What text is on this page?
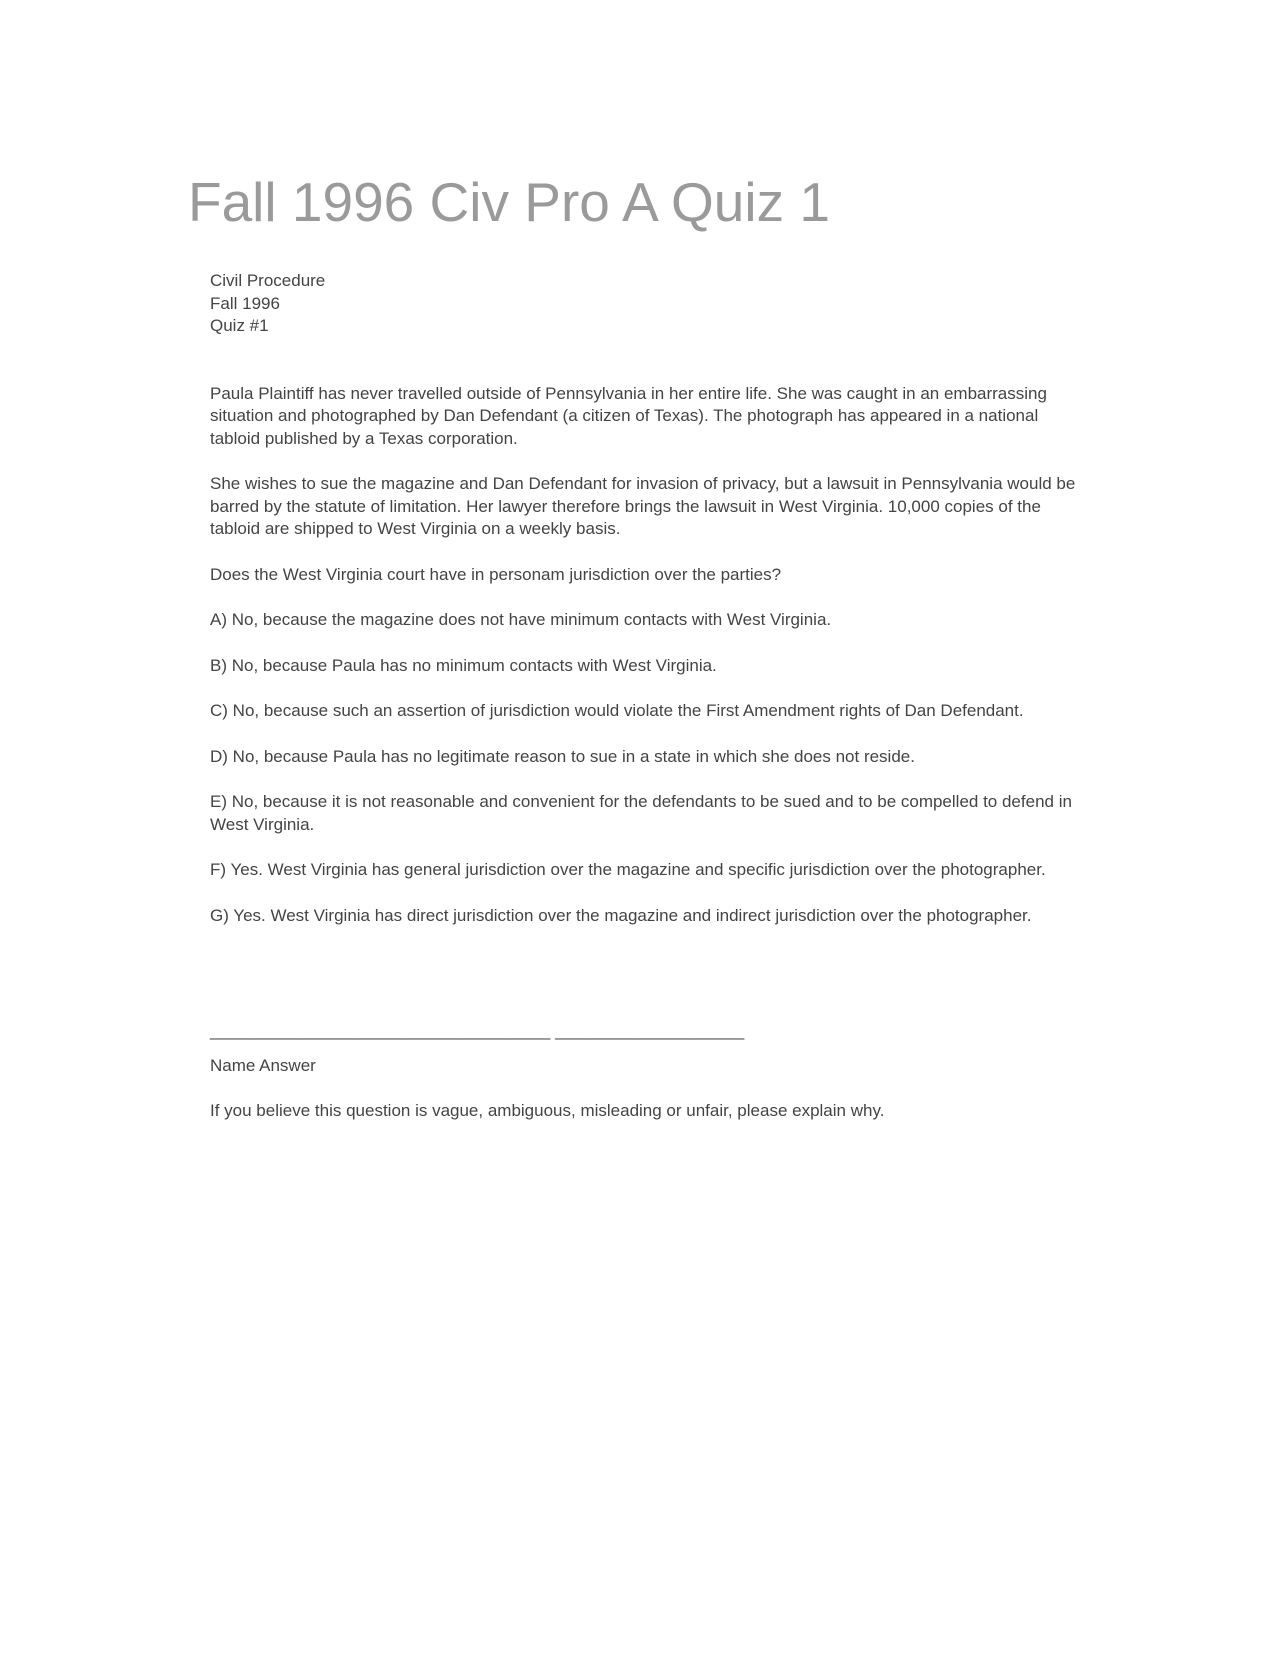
Fall 1996 Civ Pro A Quiz 1

Civil Procedure
Fall 1996
Quiz #1

Paula Plaintiff has never travelled outside of Pennsylvania in her entire life. She was caught in an embarrassing situation and photographed by Dan Defendant (a citizen of Texas). The photograph has appeared in a national tabloid published by a Texas corporation.

She wishes to sue the magazine and Dan Defendant for invasion of privacy, but a lawsuit in Pennsylvania would be barred by the statute of limitation. Her lawyer therefore brings the lawsuit in West Virginia. 10,000 copies of the tabloid are shipped to West Virginia on a weekly basis.

Does the West Virginia court have in personam jurisdiction over the parties?

A) No, because the magazine does not have minimum contacts with West Virginia.

B) No, because Paula has no minimum contacts with West Virginia.

C) No, because such an assertion of jurisdiction would violate the First Amendment rights of Dan Defendant.

D) No, because Paula has no legitimate reason to sue in a state in which she does not reside.

E) No, because it is not reasonable and convenient for the defendants to be sued and to be compelled to defend in West Virginia.

F) Yes. West Virginia has general jurisdiction over the magazine and specific jurisdiction over the photographer.

G) Yes. West Virginia has direct jurisdiction over the magazine and indirect jurisdiction over the photographer.

____________________________________ ____________________

Name Answer

If you believe this question is vague, ambiguous, misleading or unfair, please explain why.
